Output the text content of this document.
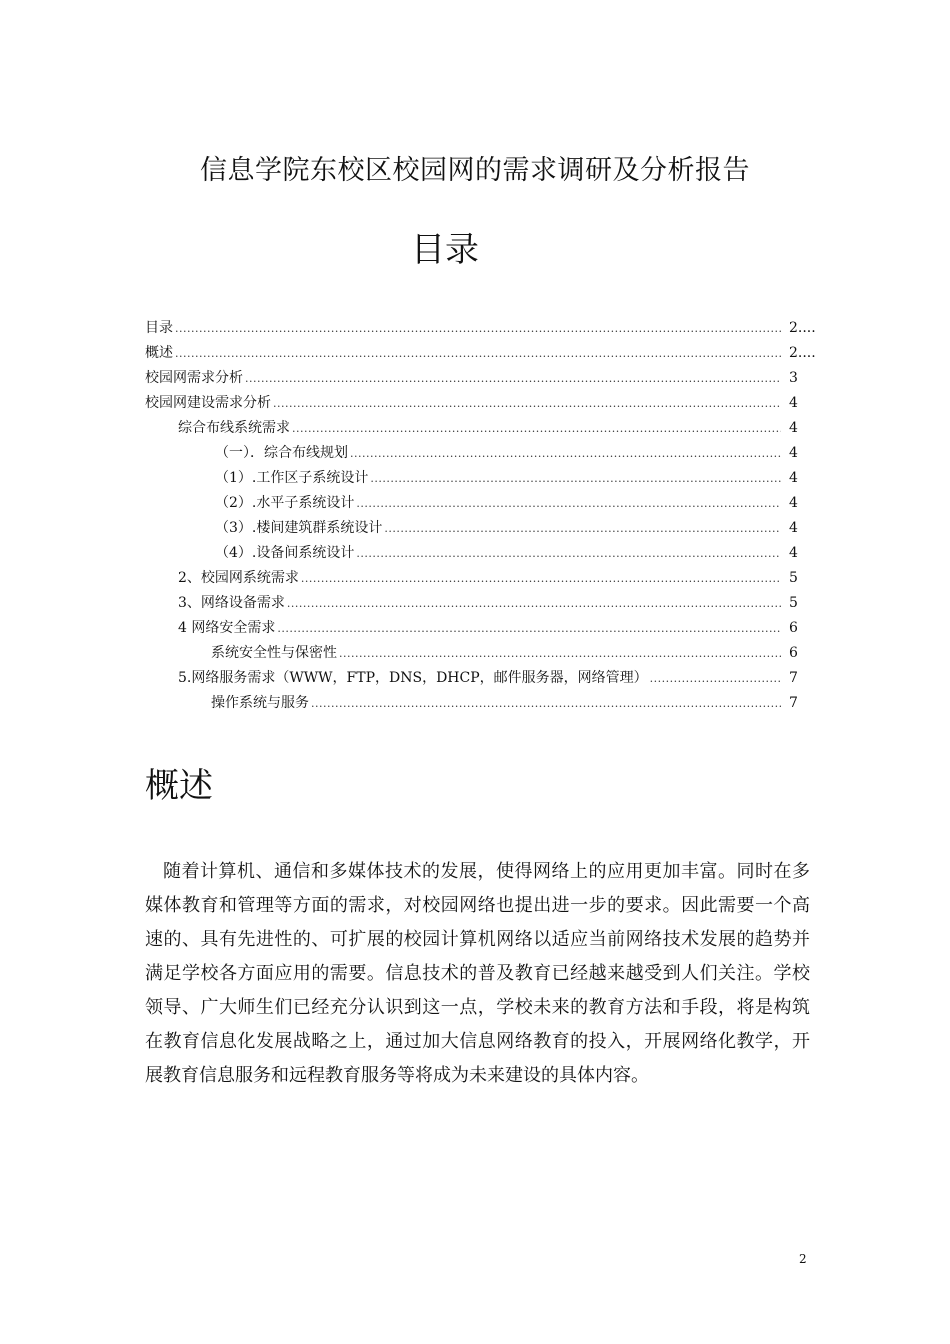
信息学院东校区校园网的需求调研及分析报告
目录
目录 .....	2....
概述 .....	2....
校园网需求分析 .....	3
校园网建设需求分析 .....	4
综合布线系统需求 .....	4
（一）．综合布线规划 .....	4
（1）.工作区子系统设计 .....	4
（2）.水平子系统设计 .....	4
（3）.楼间建筑群系统设计 .....	4
（4）.设备间系统设计 .....	4
2、校园网系统需求 .....	5
3、网络设备需求 .....	5
4 网络安全需求 .....	6
系统安全性与保密性 .....	6
5.网络服务需求（WWW，FTP，DNS，DHCP，邮件服务器，网络管理） .....	7
操作系统与服务 .....	7
概述

随着计算机、通信和多媒体技术的发展，使得网络上的应用更加丰富。同时在多媒体教育和管理等方面的需求，对校园网络也提出进一步的要求。因此需要一个高速的、具有先进性的、可扩展的校园计算机网络以适应当前网络技术发展的趋势并满足学校各方面应用的需要。信息技术的普及教育已经越来越受到人们关注。学校领导、广大师生们已经充分认识到这一点，学校未来的教育方法和手段，将是构筑在教育信息化发展战略之上，通过加大信息网络教育的投入，开展网络化教学，开展教育信息服务和远程教育服务等将成为未来建设的具体内容。

2
